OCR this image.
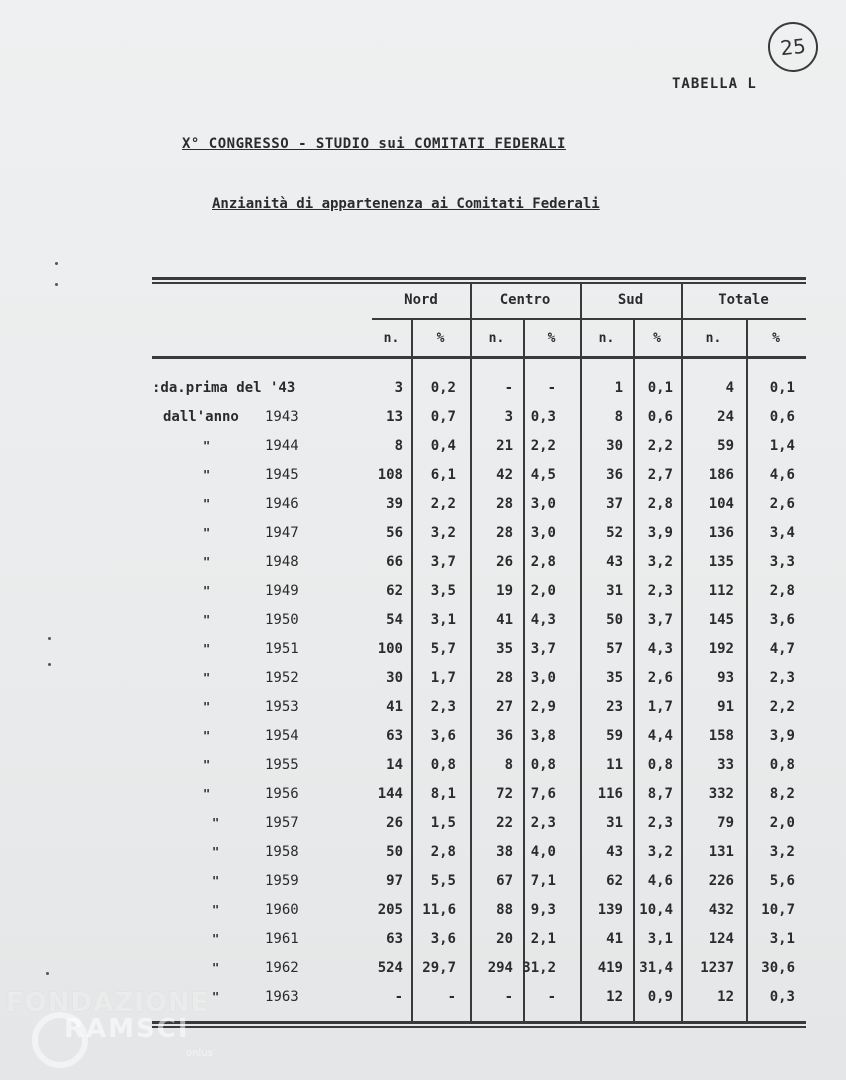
25
TABELLA L
X° CONGRESSO - STUDIO sui COMITATI FEDERALI
Anzianità di appartenenza ai Comitati Federali
Nord	Centro	Sud	Totale
n.	%	n.	%	n.	%	n.	%
:da.prima del '43	3	0,2	-	-	1	0,1	4	0,1
dall'anno 1943	13	0,7	3	0,3	8	0,6	24	0,6
"	1944	8	0,4	21	2,2	30	2,2	59	1,4
"	1945	108	6,1	42	4,5	36	2,7	186	4,6
"	1946	39	2,2	28	3,0	37	2,8	104	2,6
"	1947	56	3,2	28	3,0	52	3,9	136	3,4
"	1948	66	3,7	26	2,8	43	3,2	135	3,3
"	1949	62	3,5	19	2,0	31	2,3	112	2,8
"	1950	54	3,1	41	4,3	50	3,7	145	3,6
"	1951	100	5,7	35	3,7	57	4,3	192	4,7
"	1952	30	1,7	28	3,0	35	2,6	93	2,3
"	1953	41	2,3	27	2,9	23	1,7	91	2,2
"	1954	63	3,6	36	3,8	59	4,4	158	3,9
"	1955	14	0,8	8	0,8	11	0,8	33	0,8
"	1956	144	8,1	72	7,6	116	8,7	332	8,2
"	1957	26	1,5	22	2,3	31	2,3	79	2,0
"	1958	50	2,8	38	4,0	43	3,2	131	3,2
"	1959	97	5,5	67	7,1	62	4,6	226	5,6
"	1960	205	11,6	88	9,3	139	10,4	432	10,7
"	1961	63	3,6	20	2,1	41	3,1	124	3,1
"	1962	524	29,7	294 31,2	419	31,4	1237	30,6
"	1963	-	-	-	-	12	0,9	12	0,3
FONDAZIONE
RAMSCI
onlus
